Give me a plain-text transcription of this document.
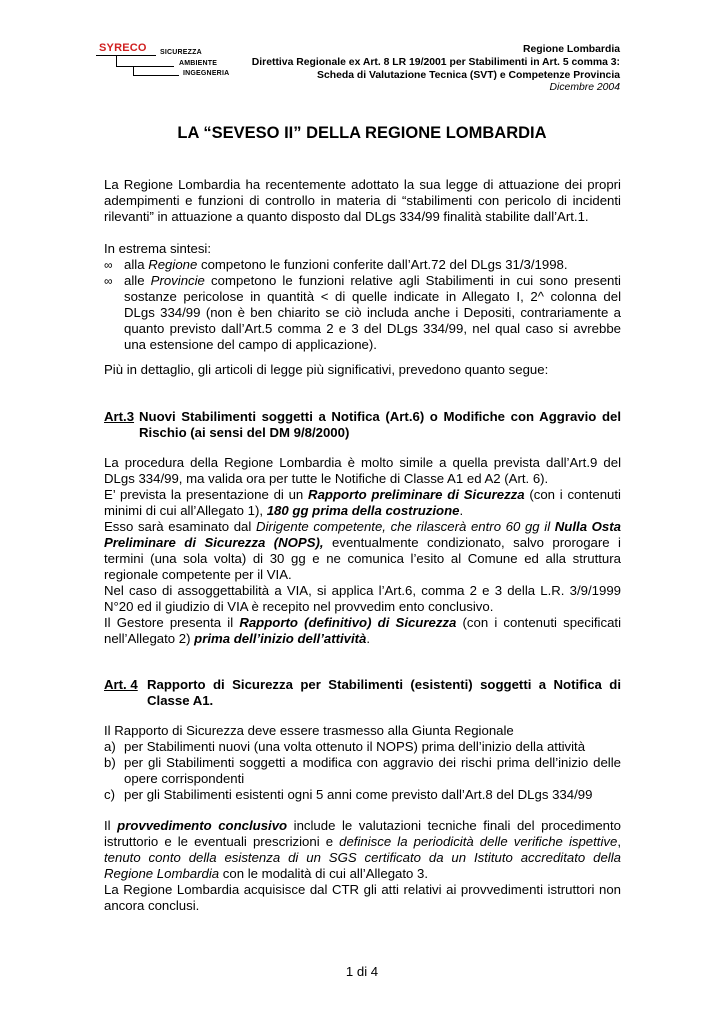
SYRECO SICUREZZA
AMBIENTE
INGEGNERIA
Regione Lombardia
Direttiva Regionale ex Art. 8 LR 19/2001 per Stabilimenti in Art. 5 comma 3:
Scheda di Valutazione Tecnica (SVT) e Competenze Provincia
Dicembre 2004
LA “SEVESO II” DELLA REGIONE LOMBARDIA
La Regione Lombardia ha recentemente adottato la sua legge di attuazione dei propri
adempimenti e funzioni di controllo in materia di “stabilimenti con pericolo di incidenti
rilevanti” in attuazione a quanto disposto dal DLgs 334/99 finalità stabilite dall’Art.1.
In estrema sintesi:
∞ alla Regione competono le funzioni conferite dall’Art.72 del DLgs 31/3/1998.
∞ alle Provincie competono le funzioni relative agli Stabilimenti in cui sono presenti
sostanze pericolose in quantità < di quelle indicate in Allegato I, 2^ colonna del
DLgs 334/99 (non è ben chiarito se ciò includa anche i Depositi, contrariamente a
quanto previsto dall’Art.5 comma 2 e 3 del DLgs 334/99, nel qual caso si avrebbe
una estensione del campo di applicazione).
Più in dettaglio, gli articoli di legge più significativi, prevedono quanto segue:
Art.3 Nuovi Stabilimenti soggetti a Notifica (Art.6) o Modifiche con Aggravio del
Rischio (ai sensi del DM 9/8/2000)
La procedura della Regione Lombardia è molto simile a quella prevista dall’Art.9 del
DLgs 334/99, ma valida ora per tutte le Notifiche di Classe A1 ed A2 (Art. 6).
E’ prevista la presentazione di un Rapporto preliminare di Sicurezza (con i contenuti
minimi di cui all’Allegato 1), 180 gg prima della costruzione.
Esso sarà esaminato dal Dirigente competente, che rilascerà entro 60 gg il Nulla Osta
Preliminare di Sicurezza (NOPS), eventualmente condizionato, salvo prorogare i
termini (una sola volta) di 30 gg e ne comunica l’esito al Comune ed alla struttura
regionale competente per il VIA.
Nel caso di assoggettabilità a VIA, si applica l’Art.6, comma 2 e 3 della L.R. 3/9/1999
N°20 ed il giudizio di VIA è recepito nel provvedim ento conclusivo.
Il Gestore presenta il Rapporto (definitivo) di Sicurezza (con i contenuti specificati
nell’Allegato 2) prima dell’inizio dell’attività.
Art. 4 Rapporto di Sicurezza per Stabilimenti (esistenti) soggetti a Notifica di
Classe A1.
Il Rapporto di Sicurezza deve essere trasmesso alla Giunta Regionale
a) per Stabilimenti nuovi (una volta ottenuto il NOPS) prima dell’inizio della attività
b) per gli Stabilimenti soggetti a modifica con aggravio dei rischi prima dell’inizio delle
opere corrispondenti
c) per gli Stabilimenti esistenti ogni 5 anni come previsto dall’Art.8 del DLgs 334/99
Il provvedimento conclusivo include le valutazioni tecniche finali del procedimento
istruttorio e le eventuali prescrizioni e definisce la periodicità delle verifiche ispettive,
tenuto conto della esistenza di un SGS certificato da un Istituto accreditato della
Regione Lombardia con le modalità di cui all’Allegato 3.
La Regione Lombardia acquisisce dal CTR gli atti relativi ai provvedimenti istruttori non
ancora conclusi.
1 di 4
